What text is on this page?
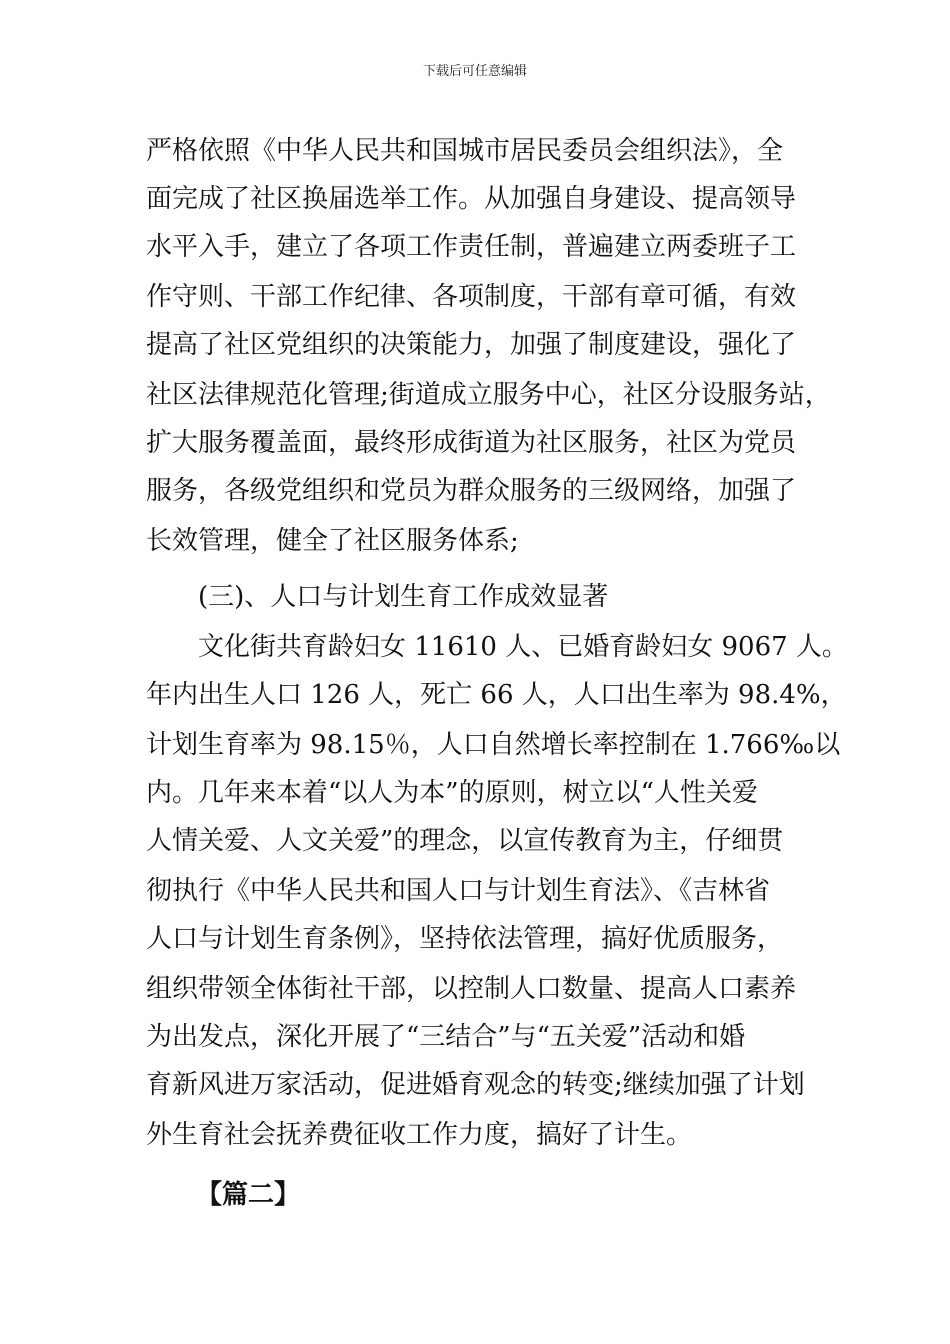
下载后可任意编辑
严格依照《中华人民共和国城市居民委员会组织法》，全
面完成了社区换届选举工作。从加强自身建设、提高领导
水平入手，建立了各项工作责任制，普遍建立两委班子工
作守则、干部工作纪律、各项制度，干部有章可循，有效
提高了社区党组织的决策能力，加强了制度建设，强化了
社区法律规范化管理;街道成立服务中心，社区分设服务站，
扩大服务覆盖面，最终形成街道为社区服务，社区为党员
服务，各级党组织和党员为群众服务的三级网络，加强了
长效管理，健全了社区服务体系;
(三)、人口与计划生育工作成效显著
文化街共育龄妇女 11610 人、已婚育龄妇女 9067 人。
年内出生人口 126 人，死亡 66 人，人口出生率为 98.4%，
计划生育率为 98.15％，人口自然增长率控制在 1.766‰以
内。几年来本着“以人为本”的原则，树立以“人性关爱
人情关爱、人文关爱”的理念，以宣传教育为主，仔细贯
彻执行《中华人民共和国人口与计划生育法》、《吉林省
人口与计划生育条例》，坚持依法管理，搞好优质服务，
组织带领全体街社干部，以控制人口数量、提高人口素养
为出发点，深化开展了“三结合”与“五关爱”活动和婚
育新风进万家活动，促进婚育观念的转变;继续加强了计划
外生育社会抚养费征收工作力度，搞好了计生。
【篇二】
